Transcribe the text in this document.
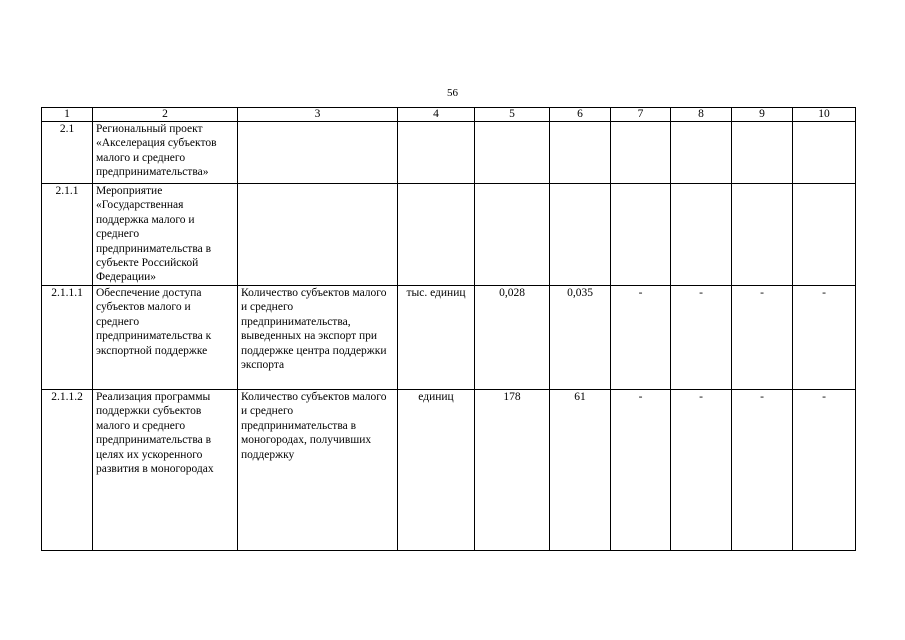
56
1	2	3	4	5	6	7	8	9	10
2.1	Региональный проект «Акселерация субъектов малого и среднего предпринимательства»								
2.1.1	Мероприятие «Государственная поддержка малого и среднего предпринимательства в субъекте Российской Федерации»								
2.1.1.1	Обеспечение доступа субъектов малого и среднего предпринимательства к экспортной поддержке	Количество субъектов малого и среднего предпринимательства, выведенных на экспорт при поддержке центра поддержки экспорта	тыс. единиц	0,028	0,035	-	-	-	-
2.1.1.2	Реализация программы поддержки субъектов малого и среднего предпринимательства в целях их ускоренного развития в моногородах	Количество субъектов малого и среднего предпринимательства в моногородах, получивших поддержку	единиц	178	61	-	-	-	-
